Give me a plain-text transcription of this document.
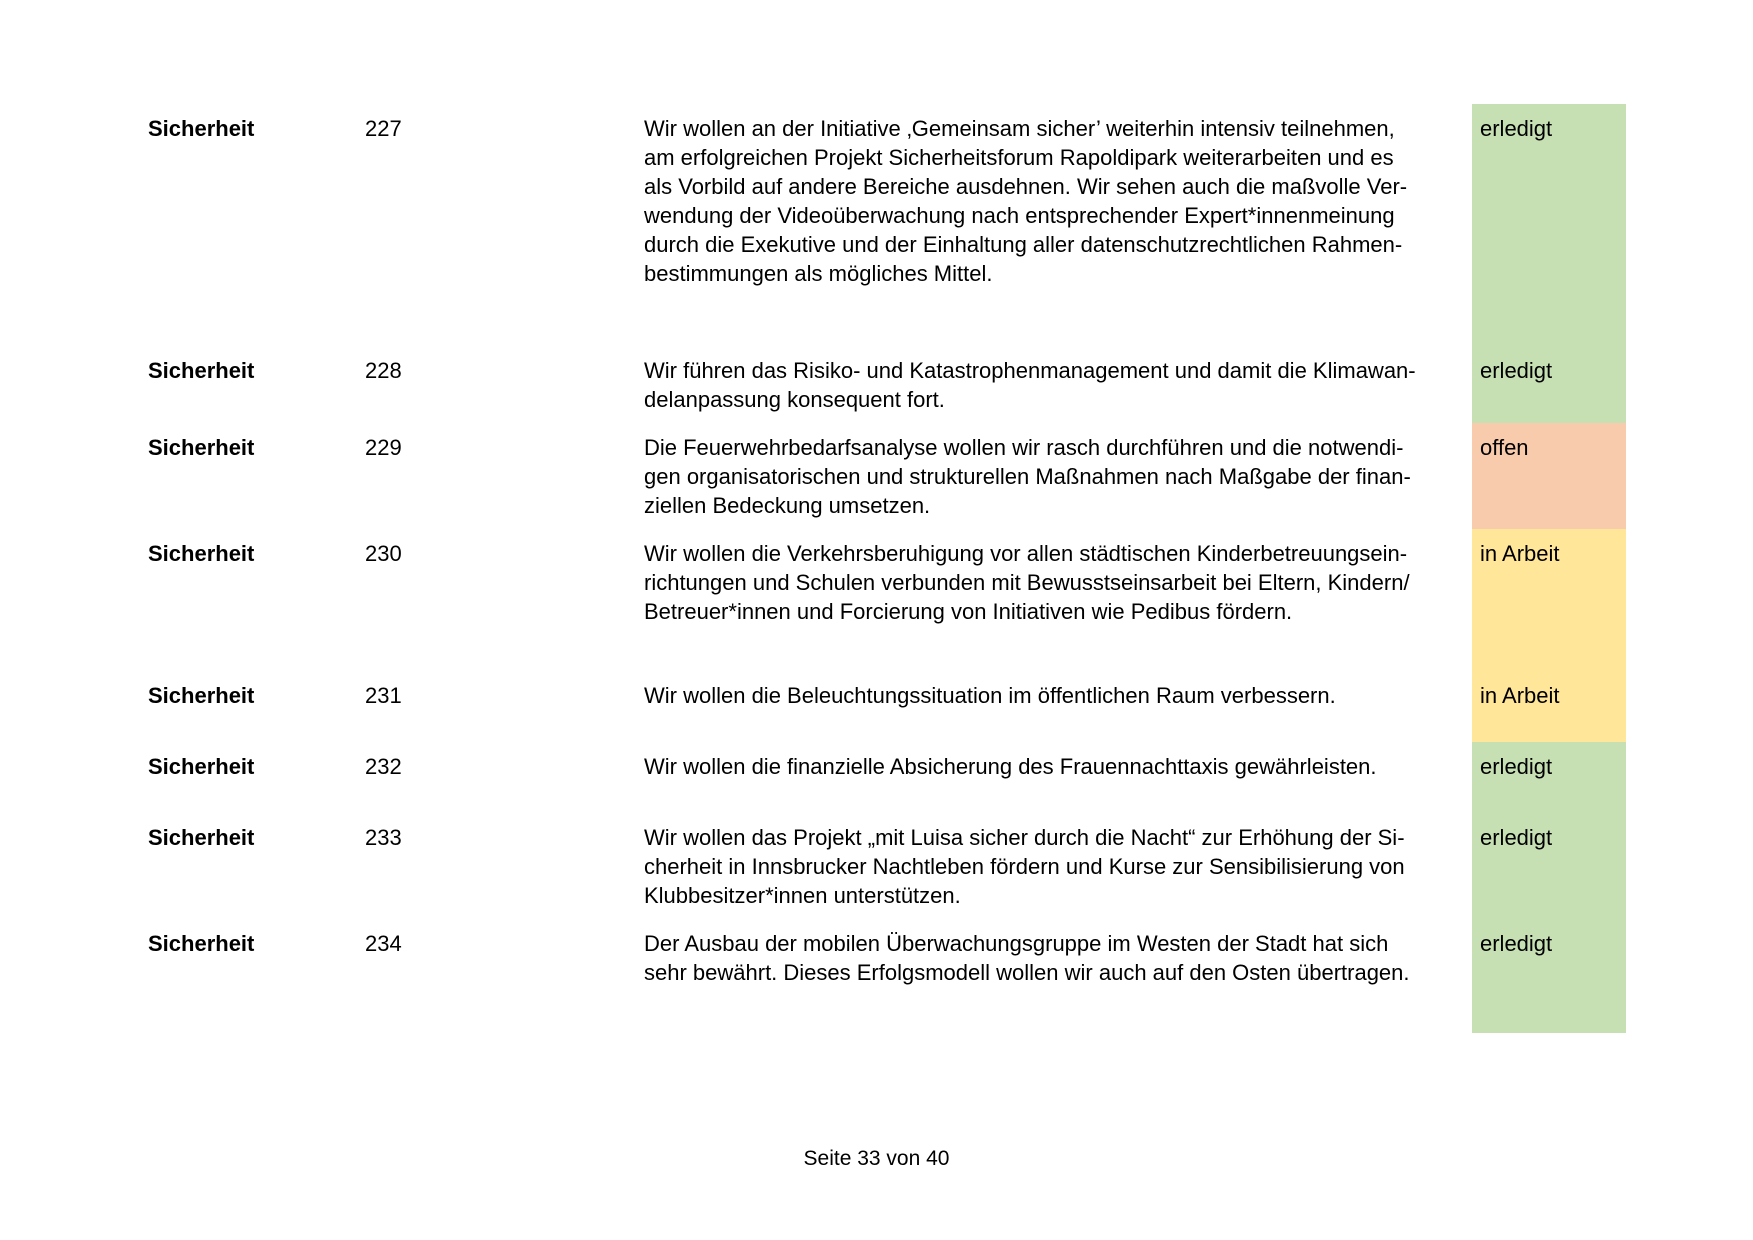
Sicherheit	227	Wir wollen an der Initiative ‚Gemeinsam sicher’ weiterhin intensiv teilnehmen,
am erfolgreichen Projekt Sicherheitsforum Rapoldipark weiterarbeiten und es
als Vorbild auf andere Bereiche ausdehnen. Wir sehen auch die maßvolle Ver-
wendung der Videoüberwachung nach entsprechender Expert*innenmeinung
durch die Exekutive und der Einhaltung aller datenschutzrechtlichen Rahmen-
bestimmungen als mögliches Mittel.
erledigt
Sicherheit	228	Wir führen das Risiko- und Katastrophenmanagement und damit die Klimawan-
delanpassung konsequent fort.
erledigt
Sicherheit	229	Die Feuerwehrbedarfsanalyse wollen wir rasch durchführen und die notwendi-
gen organisatorischen und strukturellen Maßnahmen nach Maßgabe der finan-
ziellen Bedeckung umsetzen.
offen
Sicherheit	230	Wir wollen die Verkehrsberuhigung vor allen städtischen Kinderbetreuungsein-
richtungen und Schulen verbunden mit Bewusstseinsarbeit bei Eltern, Kindern/
Betreuer*innen und Forcierung von Initiativen wie Pedibus fördern.
in Arbeit
Sicherheit	231	Wir wollen die Beleuchtungssituation im öffentlichen Raum verbessern.	in Arbeit
Sicherheit	232	Wir wollen die finanzielle Absicherung des Frauennachttaxis gewährleisten.	erledigt
Sicherheit	233	Wir wollen das Projekt „mit Luisa sicher durch die Nacht“ zur Erhöhung der Si-
cherheit in Innsbrucker Nachtleben fördern und Kurse zur Sensibilisierung von
Klubbesitzer*innen unterstützen.
erledigt
Sicherheit	234	Der Ausbau der mobilen Überwachungsgruppe im Westen der Stadt hat sich
sehr bewährt. Dieses Erfolgsmodell wollen wir auch auf den Osten übertragen.
erledigt
Seite 33 von 40
